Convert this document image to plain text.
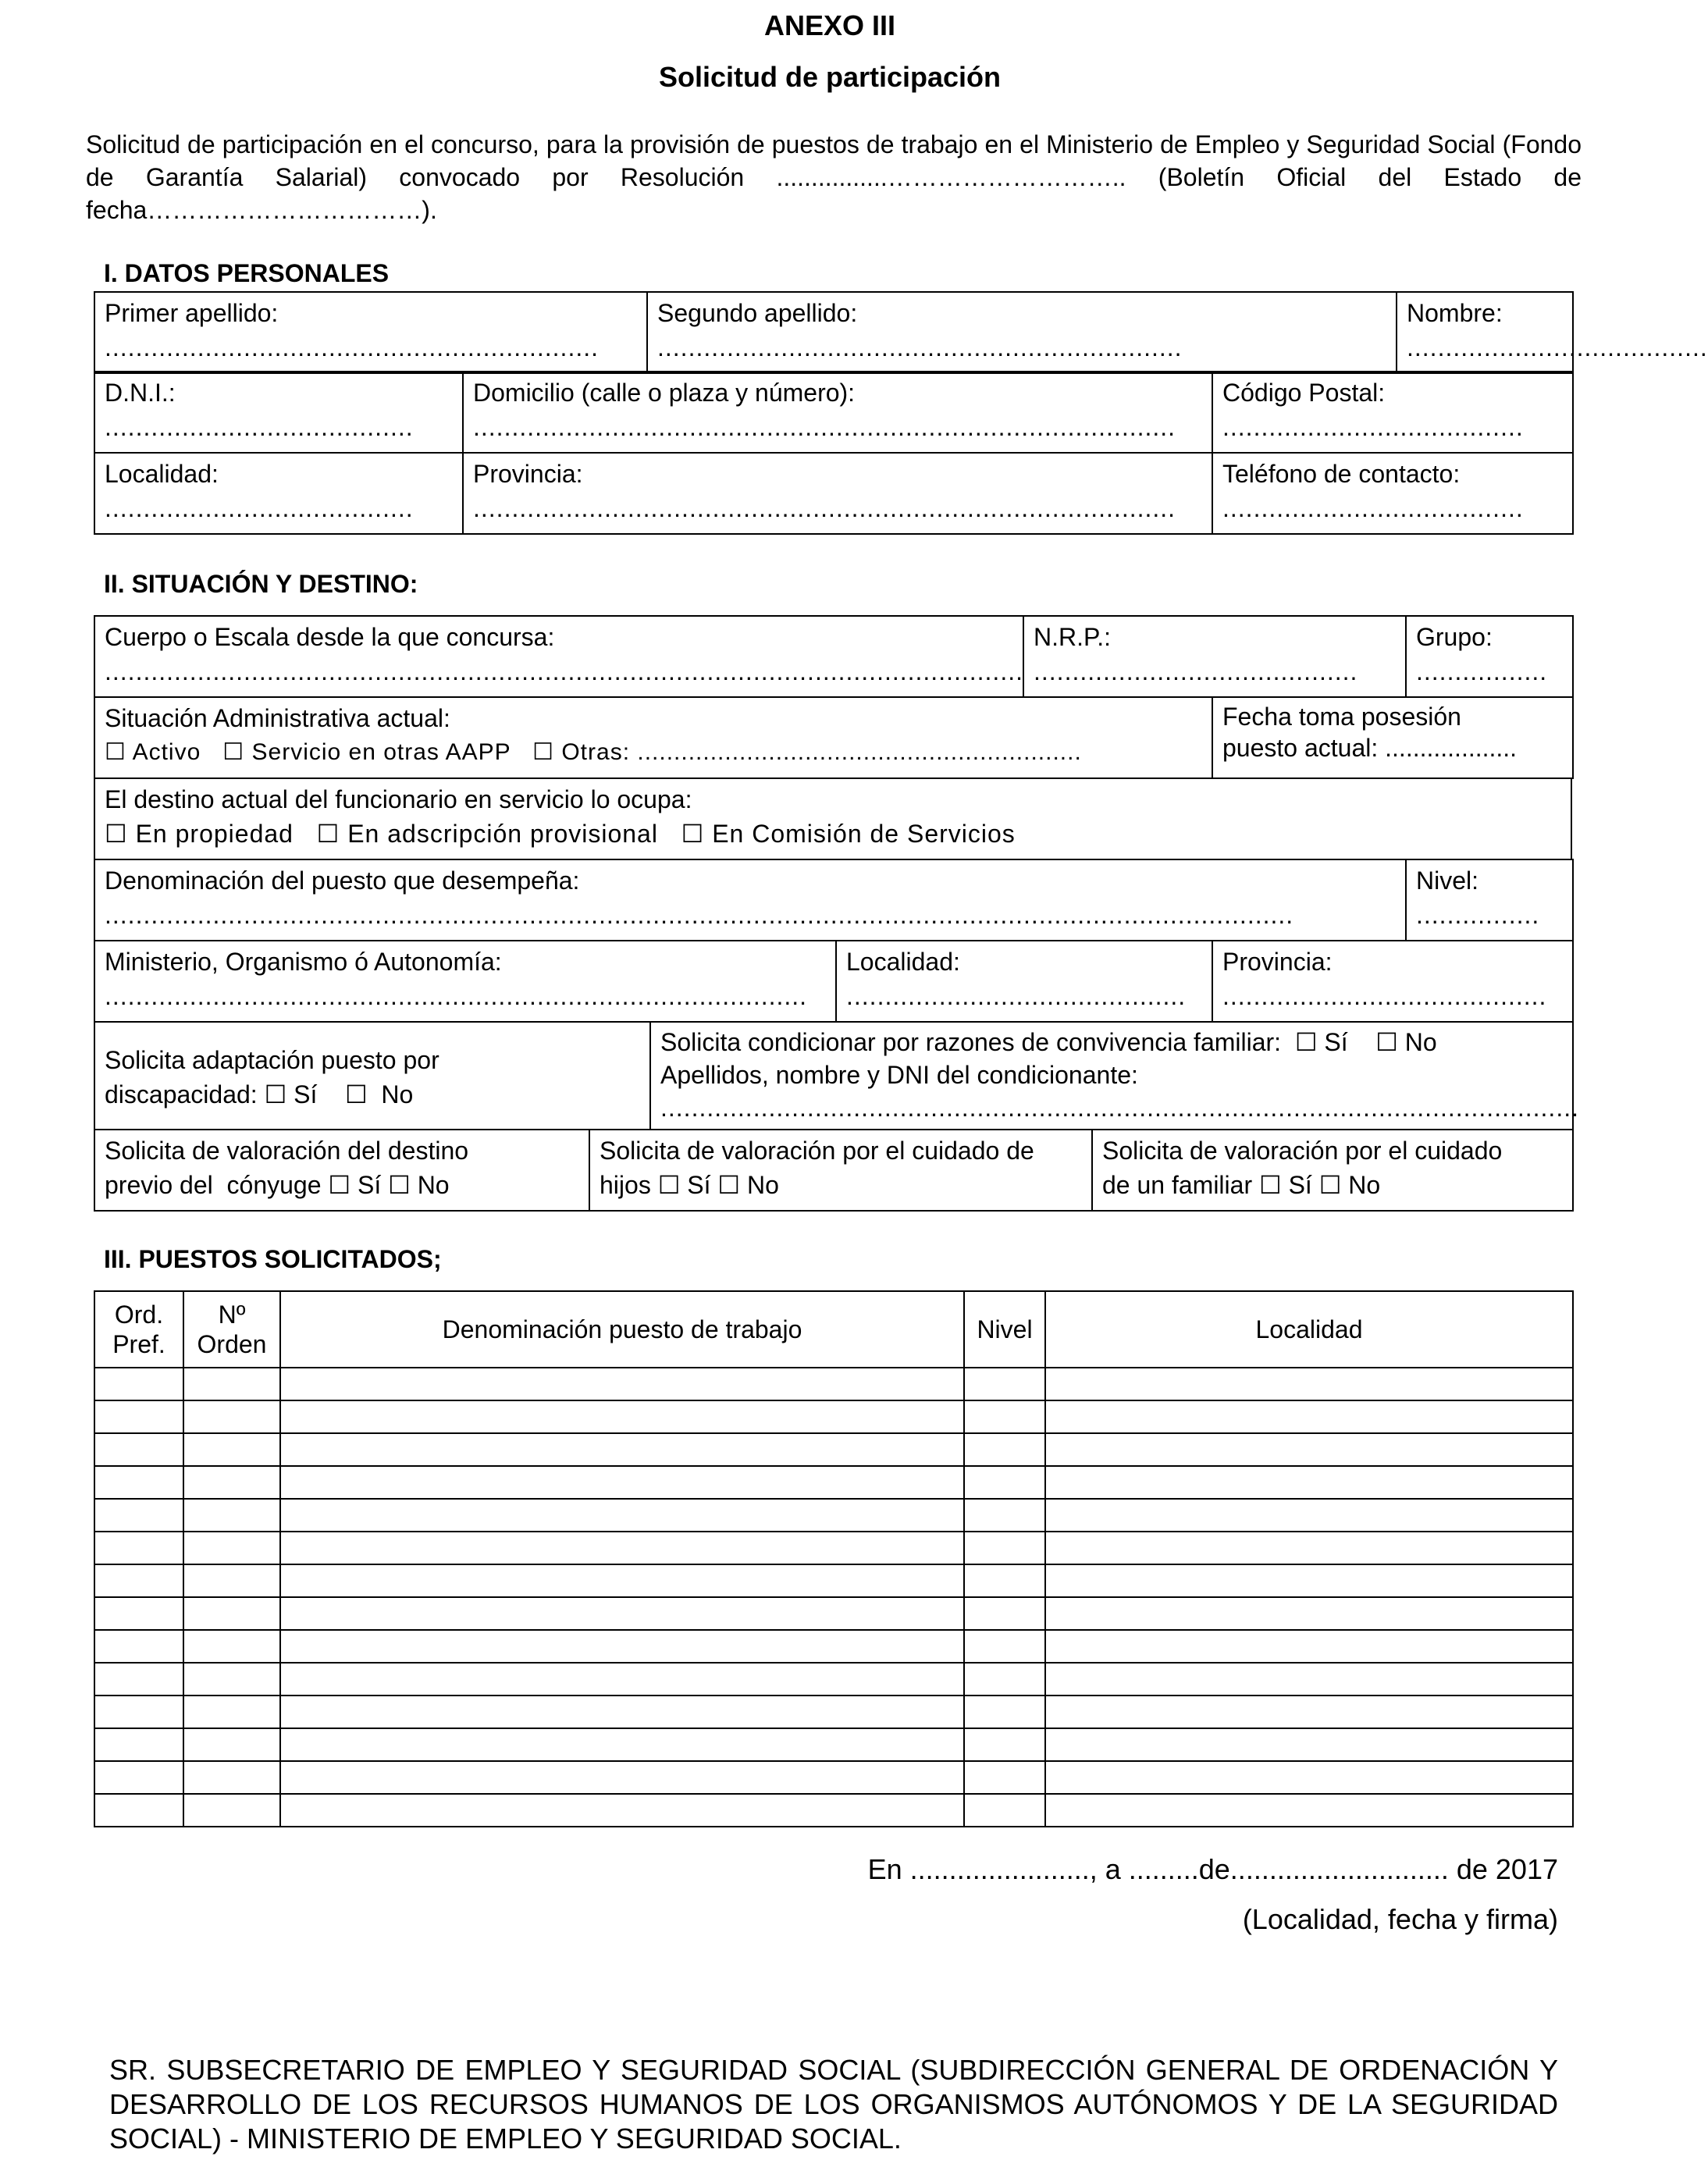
ANEXO III
Solicitud de participación
Solicitud de participación en el concurso, para la provisión de puestos de trabajo en el Ministerio de Empleo y Seguridad Social (Fondo de Garantía Salarial) convocado por Resolución ................……………………….. (Boletín Oficial del Estado de fecha……………………………).
I. DATOS PERSONALES
Primer apellido:
................................................................
	Segundo apellido:
....................................................................
	Nombre:
.......................................
D.N.I.:
........................................	Domicilio (calle o plaza y número):
...........................................................................................	Código Postal:
.......................................

Localidad:
........................................	Provincia:
...........................................................................................	Teléfono de contacto:
.......................................
II. SITUACIÓN Y DESTINO:
Cuerpo o Escala desde la que concursa:
.......................................................................................................................
	N.R.P.:
..........................................
	Grupo:
.................
Situación Administrativa actual:
☐ Activo   ☐ Servicio en otras AAPP   ☐ Otras: .............................................................
	Fecha toma posesión
puesto actual: ...................
El destino actual del funcionario en servicio lo ocupa:
☐ En propiedad   ☐ En adscripción provisional   ☐ En Comisión de Servicios
Denominación del puesto que desempeña:
..........................................................................................................................................................
	Nivel:
................
Ministerio, Organismo ó Autonomía:
...........................................................................................
	Localidad:
............................................
	Provincia:
..........................................
Solicita adaptación puesto por
discapacidad: ☐ Sí    ☐  No
	Solicita condicionar por razones de convivencia familiar:  ☐ Sí    ☐ No
Apellidos, nombre y DNI del condicionante:
.......................................................................................................................
Solicita de valoración del destino
previo del  cónyuge ☐ Sí ☐ No
	Solicita de valoración por el cuidado de
hijos ☐ Sí ☐ No
	Solicita de valoración por el cuidado
de un familiar ☐ Sí ☐ No
III. PUESTOS SOLICITADOS;
Ord. Pref.	Nº Orden	Denominación puesto de trabajo	Nivel	Localidad

En ......................., a .........de............................ de 2017
(Localidad, fecha y firma)
SR. SUBSECRETARIO DE EMPLEO Y SEGURIDAD SOCIAL (SUBDIRECCIÓN GENERAL DE ORDENACIÓN Y DESARROLLO DE LOS RECURSOS HUMANOS DE LOS ORGANISMOS AUTÓNOMOS Y DE LA SEGURIDAD SOCIAL) - MINISTERIO DE EMPLEO Y SEGURIDAD SOCIAL.
